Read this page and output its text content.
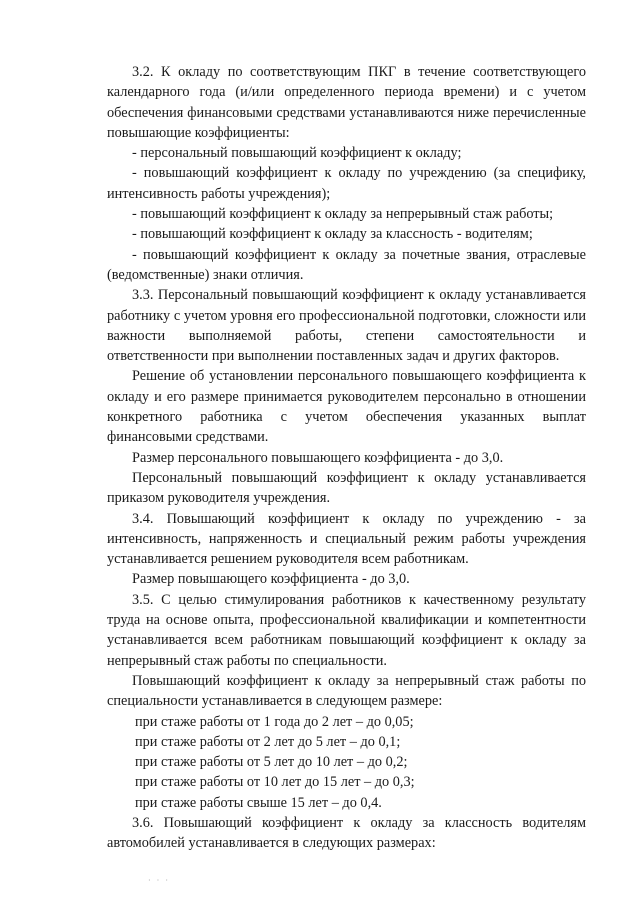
3.2. К окладу по соответствующим ПКГ в течение соответствующего календарного года (и/или определенного периода времени) и с учетом обеспечения финансовыми средствами устанавливаются ниже перечисленные повышающие коэффициенты:

- персональный повышающий коэффициент к окладу;

- повышающий коэффициент к окладу по учреждению (за специфику, интенсивность работы учреждения);

- повышающий коэффициент к окладу за непрерывный стаж работы;

- повышающий коэффициент к окладу за классность - водителям;

- повышающий коэффициент к окладу за почетные звания, отраслевые (ведомственные) знаки отличия.

3.3. Персональный повышающий коэффициент к окладу устанавливается работнику с учетом уровня его профессиональной подготовки, сложности или важности выполняемой работы, степени самостоятельности и ответственности при выполнении поставленных задач и других факторов.

Решение об установлении персонального повышающего коэффициента к окладу и его размере принимается руководителем персонально в отношении конкретного работника с учетом обеспечения указанных выплат финансовыми средствами.

Размер персонального повышающего коэффициента - до 3,0.

Персональный повышающий коэффициент к окладу устанавливается приказом руководителя учреждения.

3.4. Повышающий коэффициент к окладу по учреждению - за интенсивность, напряженность и специальный режим работы учреждения устанавливается решением руководителя всем работникам.

Размер повышающего коэффициента - до 3,0.

3.5. С целью стимулирования работников к качественному результату труда на основе опыта, профессиональной квалификации и компетентности устанавливается всем работникам повышающий коэффициент к окладу за непрерывный стаж работы по специальности.

Повышающий коэффициент к окладу за непрерывный стаж работы по специальности устанавливается в следующем размере:

при стаже работы от 1 года до 2 лет – до 0,05;

при стаже работы от 2 лет до 5 лет – до 0,1;

при стаже работы от 5 лет до 10 лет – до 0,2;

при стаже работы от 10 лет до 15 лет – до 0,3;

при стаже работы свыше 15 лет – до 0,4.

3.6. Повышающий коэффициент к окладу за классность водителям автомобилей устанавливается в следующих размерах:

· · ·
